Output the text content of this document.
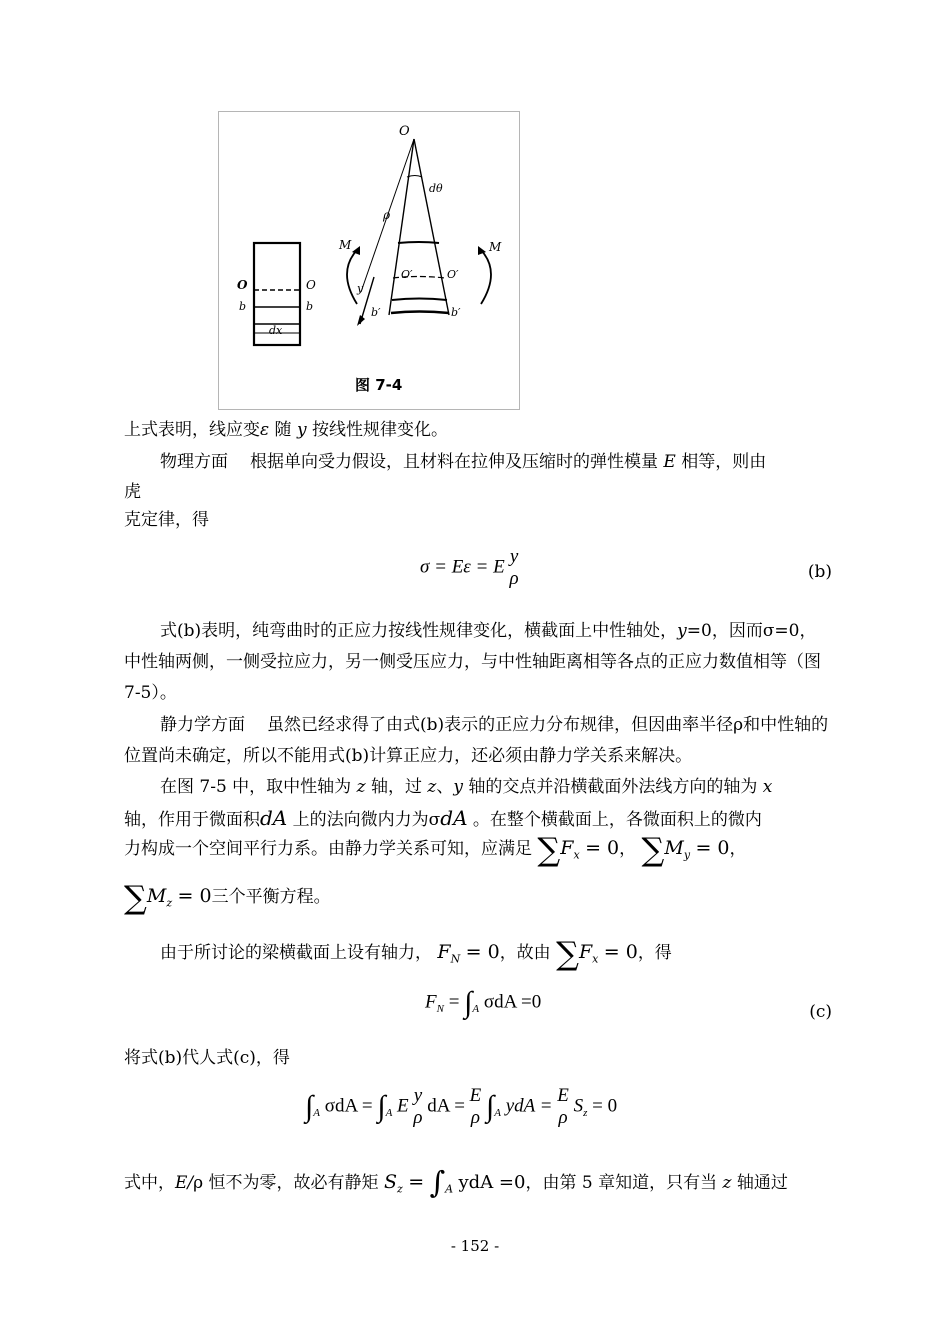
O
dθ
ρ
M	M
O	O
b	b
dx
O′	O′
y
b′	b′
图 7-4

上式表明，线应变ε 随 y 按线性规律变化。

物理方面 根据单向受力假设，且材料在拉伸及压缩时的弹性模量 E 相等，则由

虎

克定律，得

σ = Eε = E y
ρ	(b)

式(b)表明，纯弯曲时的正应力按线性规律变化，横截面上中性轴处，y=0，因而σ=0，中性轴两侧，一侧受拉应力，另一侧受压应力，与中性轴距离相等各点的正应力数值相等（图 7-5）。

静力学方面 虽然已经求得了由式(b)表示的正应力分布规律，但因曲率半径ρ和中性轴的位置尚未确定，所以不能用式(b)计算正应力，还必须由静力学关系来解决。

在图 7-5 中，取中性轴为 z 轴，过 z、y 轴的交点并沿横截面外法线方向的轴为 x

轴，作用于微面积dA 上的法向微内力为σdA 。在整个横截面上，各微面积上的微内

力构成一个空间平行力系。由静力学关系可知，应满足 $\sum F_x = 0$， $\sum M_y = 0$，
$\sum M_z = 0$三个平衡方程。
由于所讨论的梁横截面上设有轴力， $F_N = 0$，故由 $\sum F_x = 0$，得
$F_N = \int_A$ σdA =0	(c)

将式(b)代人式(c)，得

$\int_A$ $\sigma dA = \int_A$ E y
ρ
dA = E
ρ $\int_A$ ydA = E
ρ
$S_z = 0$
式中，E/ρ 恒不为零，故必有静矩 $S_z = \int_A$ ydA =0，由第 5 章知道，只有当 z 轴通过
- 152 -
